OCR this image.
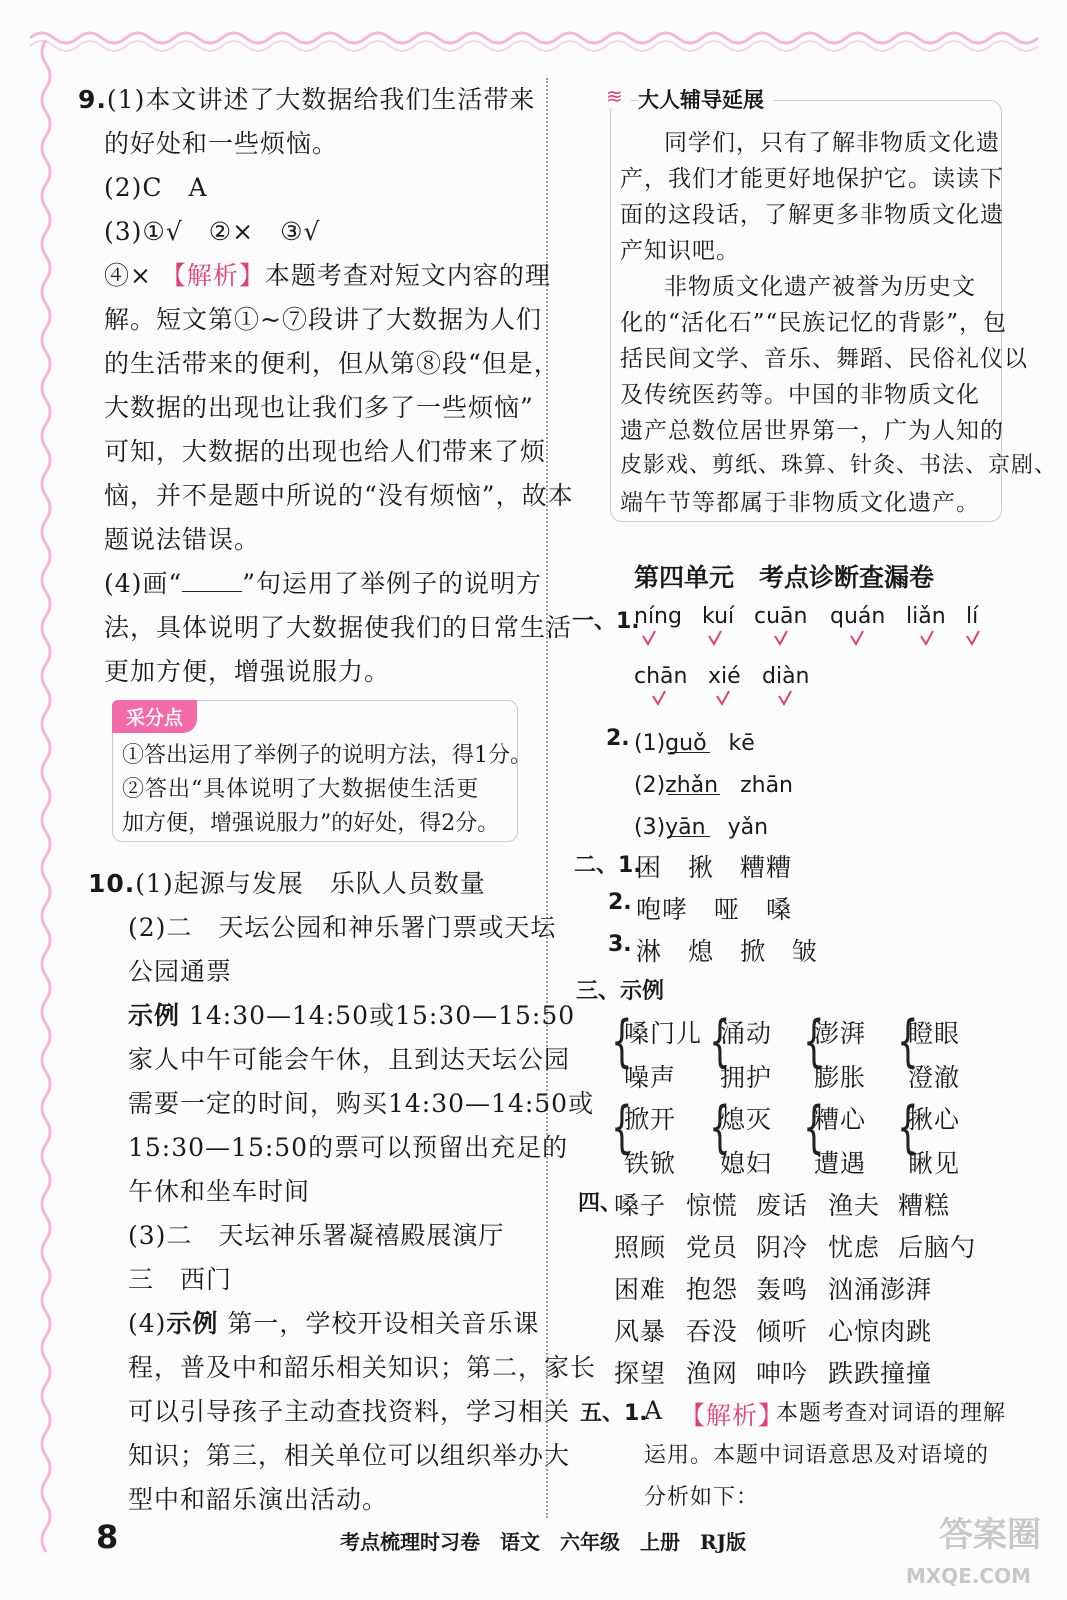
9.(1)本文讲述了大数据给我们生活带来
的好处和一些烦恼。
(2)C　A
(3)①√　②×　③√
④× 【解析】本题考查对短文内容的理
解。短文第①~⑦段讲了大数据为人们
的生活带来的便利，但从第⑧段“但是，
大数据的出现也让我们多了一些烦恼”
可知，大数据的出现也给人们带来了烦
恼，并不是题中所说的“没有烦恼”，故本
题说法错误。
(4)画“ ”句运用了举例子的说明方
法，具体说明了大数据使我们的日常生活
更加方便，增强说服力。
采分点
①答出运用了举例子的说明方法，得1分。
②答出“具体说明了大数据使生活更
加方便，增强说服力”的好处，得2分。
10.(1)起源与发展　乐队人员数量
(2)二　天坛公园和神乐署门票或天坛
公园通票
示例 14:30—14:50或15:30—15:50
家人中午可能会午休，且到达天坛公园
需要一定的时间，购买14:30—14:50或
15:30—15:50的票可以预留出充足的
午休和坐车时间
(3)二　天坛神乐署凝禧殿展演厅
三　西门
(4)示例 第一，学校开设相关音乐课
程，普及中和韶乐相关知识；第二，家长
可以引导孩子主动查找资料，学习相关
知识；第三，相关单位可以组织举办大
型中和韶乐演出活动。
≋ 大人辅导延展
同学们，只有了解非物质文化遗
产，我们才能更好地保护它。读读下
面的这段话，了解更多非物质文化遗
产知识吧。
非物质文化遗产被誉为历史文
化的“活化石”“民族记忆的背影”，包
括民间文学、音乐、舞蹈、民俗礼仪以
及传统医药等。中国的非物质文化
遗产总数位居世界第一，广为人知的
皮影戏、剪纸、珠算、针灸、书法、京剧、
端午节等都属于非物质文化遗产。
第四单元　考点诊断查漏卷
一、1.
níng kuí cuān quán liǎn lí
chān xié diàn
2. (1)guǒ　kē
(2)zhǎn　zhān
(3)yān　yǎn
二、1.
困　揪　糟糟
2. 咆哮　哑　嗓
3. 淋　熄　掀　皱
三、示例
{
嗓门儿
噪声
{
涌动
拥护
{
澎湃
膨胀
{
瞪眼
澄澈
{
掀开
铁锨
{
熄灭
媳妇
{
糟心
遭遇
{
揪心
瞅见
四、
嗓子 惊慌 废话 渔夫 糟糕
照顾 党员 阴冷 忧虑 后脑勺
困难 抱怨 轰鸣 汹涌澎湃
风暴 吞没 倾听 心惊肉跳
探望 渔网 呻吟 跌跌撞撞
五、1.
A 【解析】
本题考查对词语的理解
运用。本题中词语意思及对语境的
分析如下：
8	考点梳理时习卷　语文　六年级　上册　RJ版	答案圈
MXQE.COM
